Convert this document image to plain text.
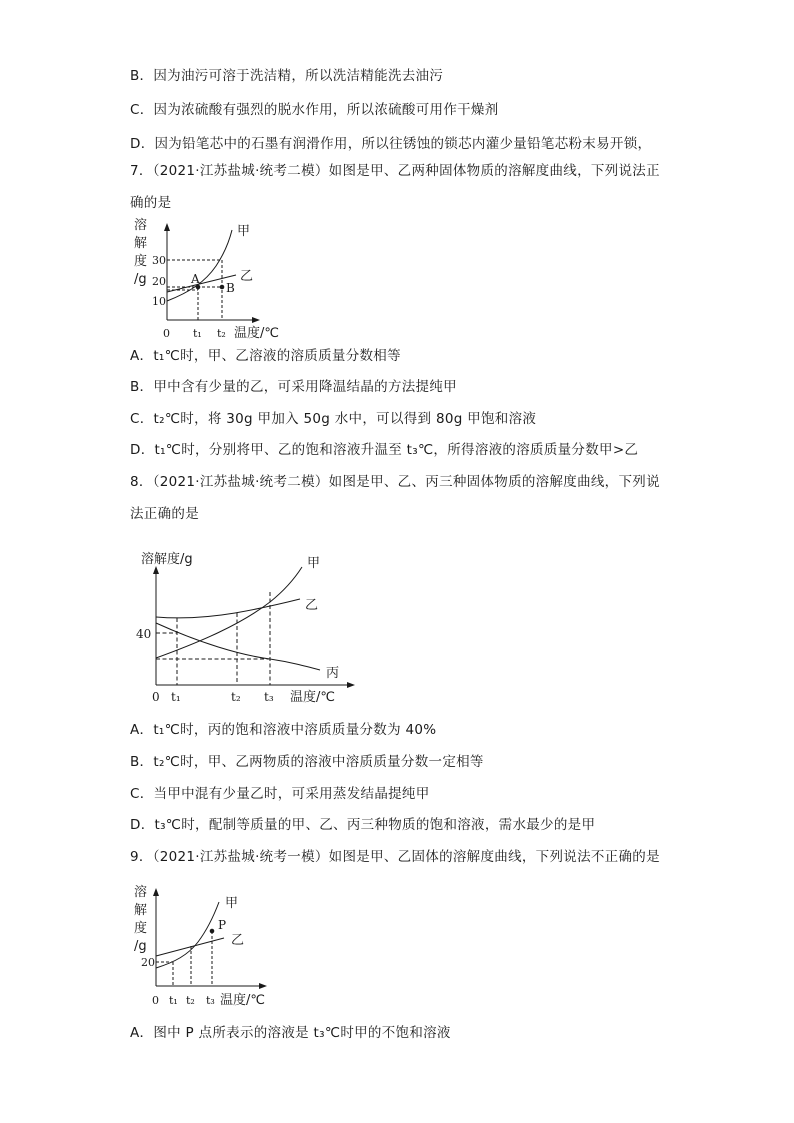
B．因为油污可溶于洗洁精，所以洗洁精能洗去油污
C．因为浓硫酸有强烈的脱水作用，所以浓硫酸可用作干燥剂
D．因为铅笔芯中的石墨有润滑作用，所以往锈蚀的锁芯内灌少量铅笔芯粉末易开锁，
7．（2021·江苏盐城·统考二模）如图是甲、乙两种固体物质的溶解度曲线，下列说法正
确的是
溶
解
度
/g
30
20
10
0 t₁ t₂ 温度/℃
甲
乙
A
B
A．t₁℃时，甲、乙溶液的溶质质量分数相等
B．甲中含有少量的乙，可采用降温结晶的方法提纯甲
C．t₂℃时，将 30g 甲加入 50g 水中，可以得到 80g 甲饱和溶液
D．t₁℃时，分别将甲、乙的饱和溶液升温至 t₃℃，所得溶液的溶质质量分数甲>乙
8．（2021·江苏盐城·统考二模）如图是甲、乙、丙三种固体物质的溶解度曲线，下列说
法正确的是
溶解度/g
40
0 t₁	t₂ t₃ 温度/℃
甲
乙
丙
A．t₁℃时，丙的饱和溶液中溶质质量分数为 40%
B．t₂℃时，甲、乙两物质的溶液中溶质质量分数一定相等
C．当甲中混有少量乙时，可采用蒸发结晶提纯甲
D．t₃℃时，配制等质量的甲、乙、丙三种物质的饱和溶液，需水最少的是甲
9．（2021·江苏盐城·统考一模）如图是甲、乙固体的溶解度曲线，下列说法不正确的是
溶
解
度
/g
20
0 t₁ t₂ t₃ 温度/℃
甲
乙
P
A．图中 P 点所表示的溶液是 t₃℃时甲的不饱和溶液
